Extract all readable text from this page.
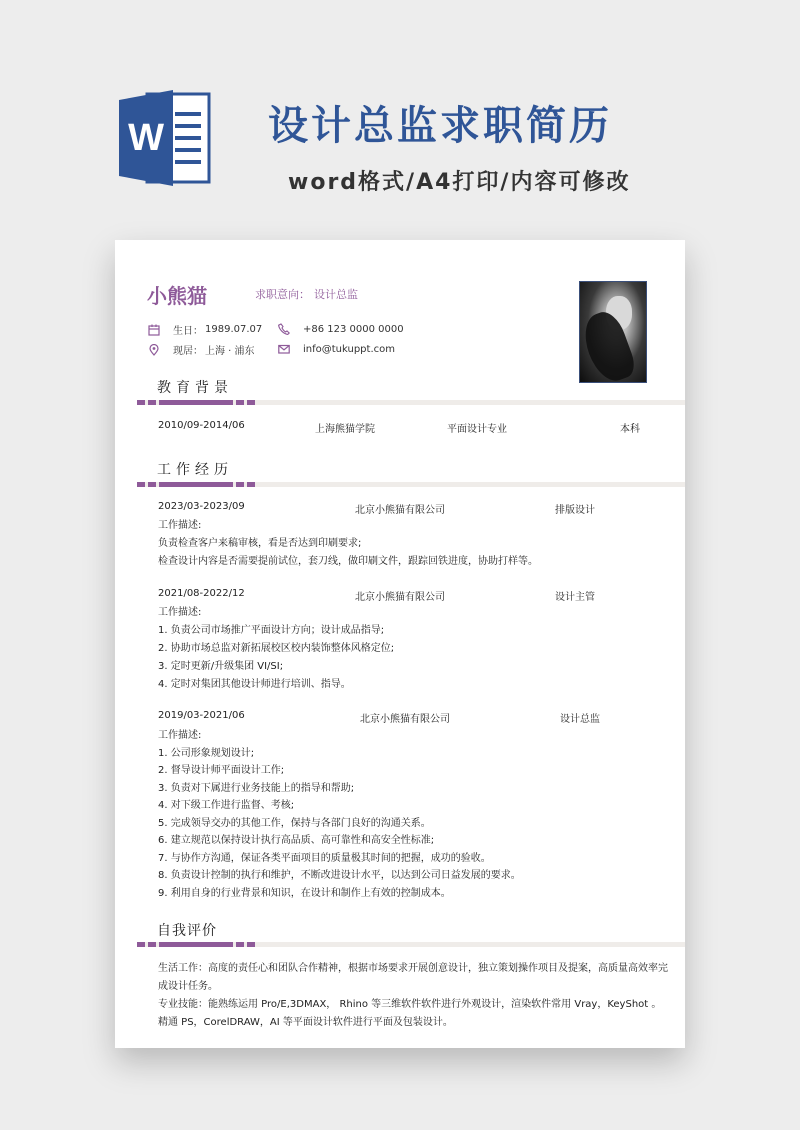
W	设计总监求职简历
word格式/A4打印/内容可修改
小熊猫	求职意向： 设计总监
生日： 1989.07.07
现居： 上海 · 浦东
+86 123 0000 0000
info@tukuppt.com
教育背景
2010/09-2014/06	上海熊猫学院	平面设计专业	本科
工作经历
2023/03-2023/09	北京小熊猫有限公司	排版设计
工作描述:
负责检查客户来稿审核，看是否达到印刷要求;
检查设计内容是否需要提前试位，套刀线，做印刷文件，跟踪回铁进度，协助打样等。
2021/08-2022/12	北京小熊猫有限公司	设计主管
工作描述:
1. 负责公司市场推广平面设计方向；设计成品指导;
2. 协助市场总监对新拓展校区校内装饰整体风格定位;
3. 定时更新/升级集团 VI/SI;
4. 定时对集团其他设计师进行培训、指导。
2019/03-2021/06	北京小熊猫有限公司	设计总监
工作描述:
1. 公司形象规划设计;
2. 督导设计师平面设计工作;
3. 负责对下属进行业务技能上的指导和帮助;
4. 对下级工作进行监督、考核;
5. 完成领导交办的其他工作，保持与各部门良好的沟通关系。
6. 建立规范以保持设计执行高品质、高可靠性和高安全性标准;
7. 与协作方沟通，保证各类平面项目的质量极其时间的把握，成功的验收。
8. 负责设计控制的执行和维护，不断改进设计水平，以达到公司日益发展的要求。
9. 利用自身的行业背景和知识，在设计和制作上有效的控制成本。
自我评价
生活工作：高度的责任心和团队合作精神，根据市场要求开展创意设计，独立策划操作项目及提案，高质量高效率完成设计任务。
专业技能：能熟练运用 Pro/E,3DMAX， Rhino 等三维软件软件进行外观设计，渲染软件常用 Vray，KeyShot 。 精通 PS，CorelDRAW，AI 等平面设计软件进行平面及包装设计。
